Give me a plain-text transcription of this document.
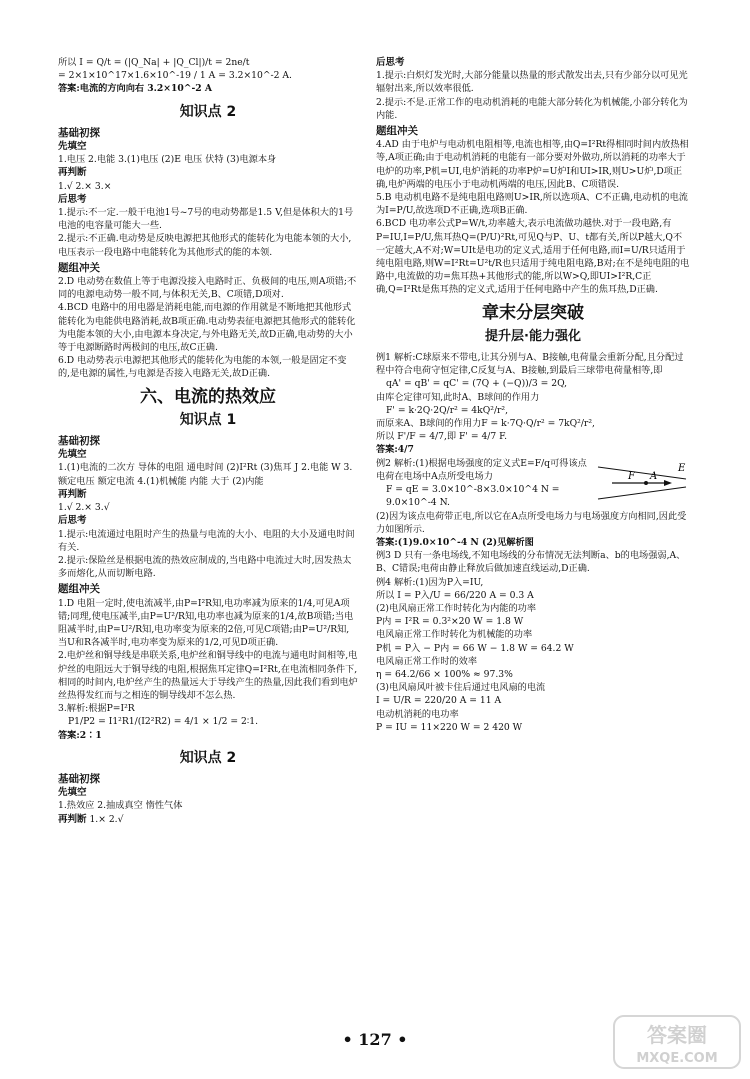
所以 I = Q/t = (|Q_Na| + |Q_Cl|)/t = 2ne/t

= 2×1×10^17×1.6×10^-19 / 1 A = 3.2×10^-2 A.

答案:电流的方向向右 3.2×10^-2 A

知识点 2
基础初探
先填空

1.电压 2.电能 3.(1)电压 (2)E 电压 伏特 (3)电源本身

再判断

1.√ 2.× 3.×

后思考

1.提示:不一定.一般干电池1号~7号的电动势都是1.5 V,但是体积大的1号电池的电容量可能大一些.

2.提示:不正确.电动势是反映电源把其他形式的能转化为电能本领的大小,电压表示一段电路中电能转化为其他形式的能的本领.

题组冲关

2.D 电动势在数值上等于电源没接入电路时正、负极间的电压,则A项错;不同的电源电动势一般不同,与体积无关,B、C项错,D项对.

4.BCD 电路中的用电器是消耗电能,而电源的作用就是不断地把其他形式能转化为电能供电路消耗,故B项正确.电动势表征电源把其他形式的能转化为电能本领的大小,由电源本身决定,与外电路无关,故D正确,电动势的大小等于电源断路时两极间的电压,故C正确.

6.D 电动势表示电源把其他形式的能转化为电能的本领,一般是固定不变的,是电源的属性,与电源是否接入电路无关,故D正确.

六、电流的热效应
知识点 1
基础初探
先填空

1.(1)电流的二次方 导体的电阻 通电时间 (2)I²Rt (3)焦耳 J 2.电能 W 3.额定电压 额定电流 4.(1)机械能 内能 大于 (2)内能

再判断

1.√ 2.× 3.√

后思考

1.提示:电流通过电阻时产生的热量与电流的大小、电阻的大小及通电时间有关.

2.提示:保险丝是根据电流的热效应制成的,当电路中电流过大时,因发热太多而熔化,从而切断电路.

题组冲关

1.D 电阻一定时,使电流减半,由P=I²R知,电功率减为原来的1/4,可见A项错;同理,使电压减半,由P=U²/R知,电功率也减为原来的1/4,故B项错;当电阻减半时,由P=U²/R知,电功率变为原来的2倍,可见C项错;由P=U²/R知,当U和R各减半时,电功率变为原来的1/2,可见D项正确.

2.电炉丝和铜导线是串联关系,电炉丝和铜导线中的电流与通电时间相等,电炉丝的电阻远大于铜导线的电阻,根据焦耳定律Q=I²Rt,在电流相同条件下,相同的时间内,电炉丝产生的热量远大于导线产生的热量,因此我们看到电炉丝热得发红而与之相连的铜导线却不怎么热.

3.解析:根据P=I²R

P1/P2 = I1²R1/(I2²R2) = 4/1 × 1/2 = 2∶1.

答案:2∶1

知识点 2
基础初探
先填空

1.热效应 2.抽成真空 惰性气体

再判断 1.× 2.√

后思考

1.提示:白炽灯发光时,大部分能量以热量的形式散发出去,只有少部分以可见光辐射出来,所以效率很低.

2.提示:不是.正常工作的电动机消耗的电能大部分转化为机械能,小部分转化为内能.

题组冲关

4.AD 由于电炉与电动机电阻相等,电流也相等,由Q=I²Rt得相同时间内放热相等,A项正确;由于电动机消耗的电能有一部分要对外做功,所以消耗的功率大于电炉的功率,P机=UI,电炉消耗的功率P炉=U炉I和UI>IR,则U>U炉,D项正确,电炉两端的电压小于电动机两端的电压,因此B、C项错误.

5.B 电动机电路不是纯电阻电路则U>IR,所以选项A、C不正确,电动机的电流为I=P/U,故选项D不正确,选项B正确.

6.BCD 电功率公式P=W/t,功率越大,表示电流做功越快.对于一段电路,有P=IU,I=P/U,焦耳热Q=(P/U)²Rt,可见Q与P、U、t都有关,所以P越大,Q不一定越大,A不对;W=UIt是电功的定义式,适用于任何电路,而I=U/R只适用于纯电阻电路,则W=I²Rt=U²t/R也只适用于纯电阻电路,B对;在不是纯电阻的电路中,电流做的功=焦耳热+其他形式的能,所以W>Q,即UI>I²R,C正确,Q=I²Rt是焦耳热的定义式,适用于任何电路中产生的焦耳热,D正确.

章末分层突破
提升层·能力强化

例1 解析:C球原来不带电,让其分别与A、B接触,电荷量会重新分配,且分配过程中符合电荷守恒定律,C反复与A、B接触,到最后三球带电荷量相等,即

qA' = qB' = qC' = (7Q + (−Q))/3 = 2Q,

由库仑定律可知,此时A、B球间的作用力

F' = k·2Q·2Q/r² = 4kQ²/r²,

而原来A、B球间的作用力F = k·7Q·Q/r² = 7kQ²/r²,

所以 F'/F = 4/7,即 F' = 4/7 F.

答案:4/7

E
F A

例2 解析:(1)根据电场强度的定义式E=F/q可得该点电荷在电场中A点所受电场力

F = qE = 3.0×10^-8×3.0×10^4 N = 9.0×10^-4 N.

(2)因为该点电荷带正电,所以它在A点所受电场力与电场强度方向相同,因此受力如图所示.

答案:(1)9.0×10^-4 N (2)见解析图

例3 D 只有一条电场线,不知电场线的分布情况无法判断a、b的电场强弱,A、B、C错误;电荷由静止释放后做加速直线运动,D正确.

例4 解析:(1)因为P入=IU,

所以 I = P入/U = 66/220 A = 0.3 A

(2)电风扇正常工作时转化为内能的功率

P内 = I²R = 0.3²×20 W = 1.8 W

电风扇正常工作时转化为机械能的功率

P机 = P入 − P内 = 66 W − 1.8 W = 64.2 W

电风扇正常工作时的效率

η = 64.2/66 × 100% ≈ 97.3%

(3)电风扇风叶被卡住后通过电风扇的电流

I = U/R = 220/20 A = 11 A

电动机消耗的电功率

P = IU = 11×220 W = 2 420 W

• 127 •	答案圈
MXQE.COM
